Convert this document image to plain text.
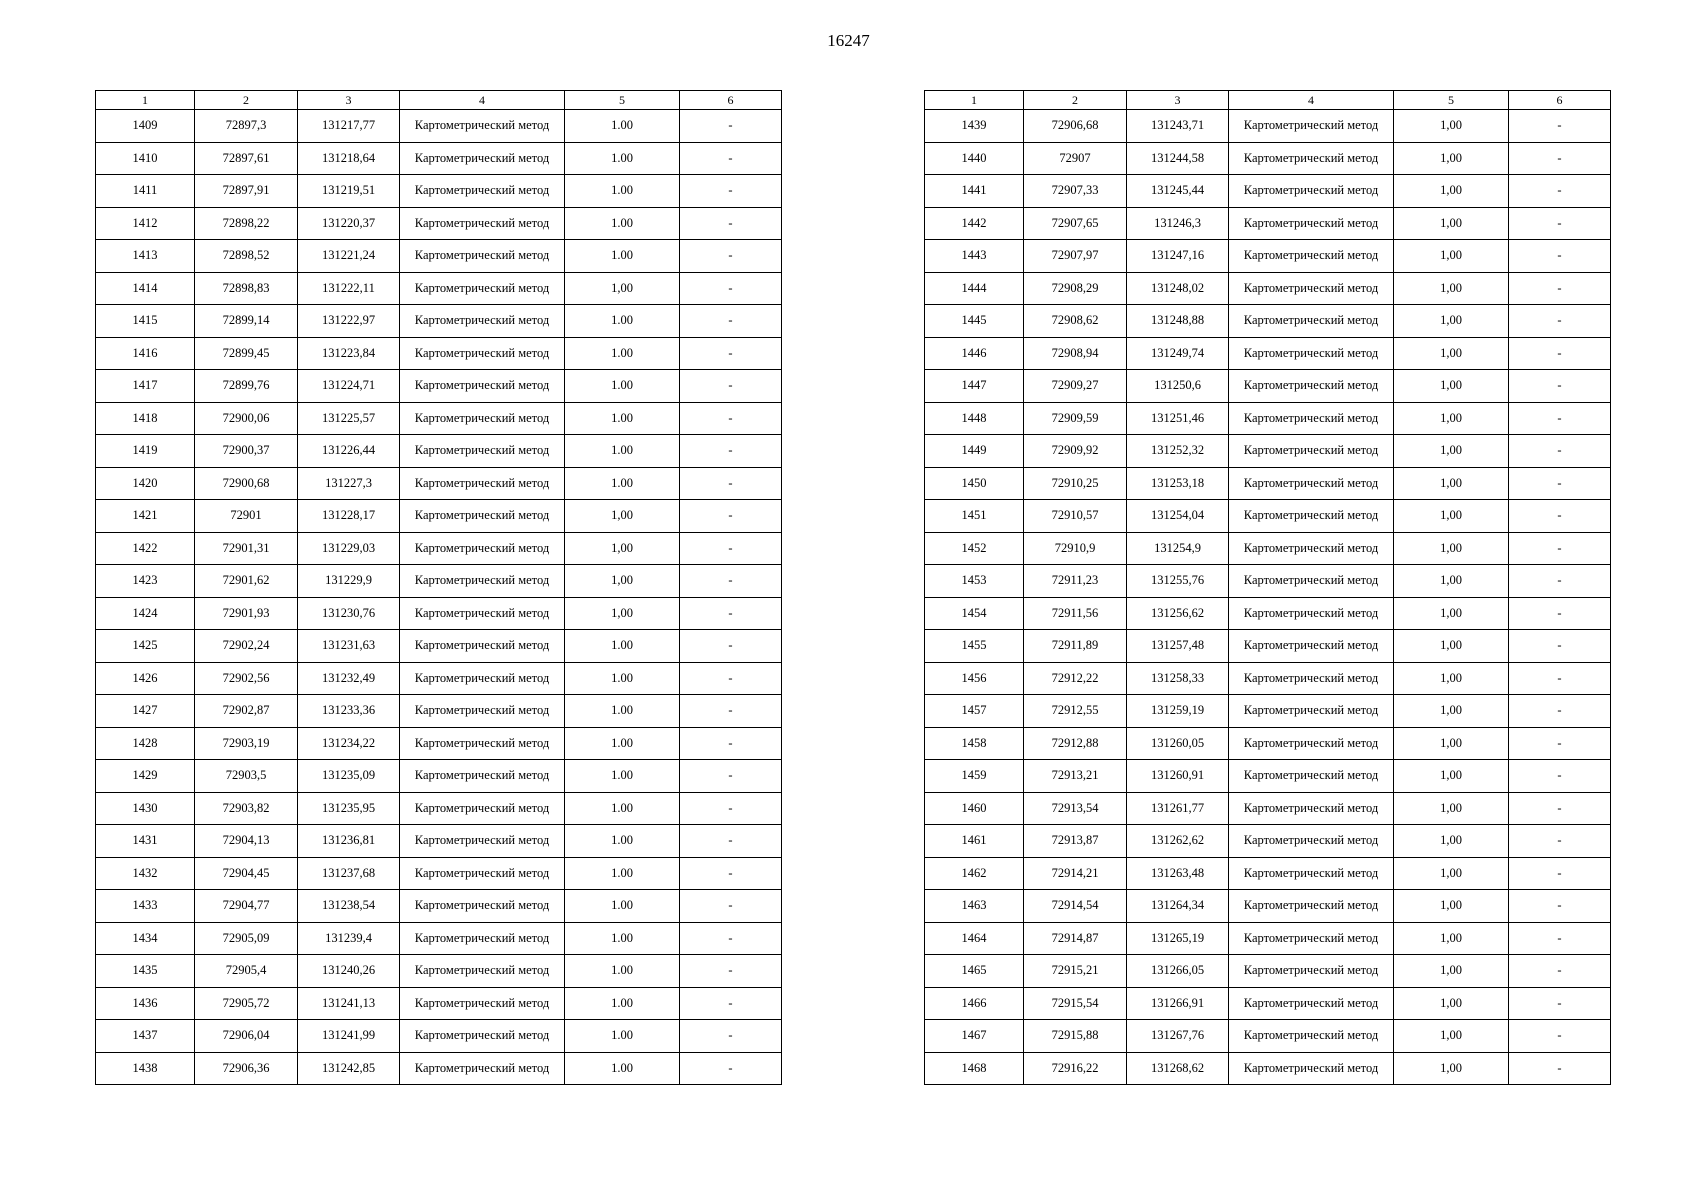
16247
1	2	3	4	5	6
1409	72897,3	131217,77	Картометрический метод	1.00	-
1410	72897,61	131218,64	Картометрический метод	1.00	-
1411	72897,91	131219,51	Картометрический метод	1.00	-
1412	72898,22	131220,37	Картометрический метод	1.00	-
1413	72898,52	131221,24	Картометрический метод	1.00	-
1414	72898,83	131222,11	Картометрический метод	1,00	-
1415	72899,14	131222,97	Картометрический метод	1.00	-
1416	72899,45	131223,84	Картометрический метод	1.00	-
1417	72899,76	131224,71	Картометрический метод	1.00	-
1418	72900,06	131225,57	Картометрический метод	1.00	-
1419	72900,37	131226,44	Картометрический метод	1.00	-
1420	72900,68	131227,3	Картометрический метод	1.00	-
1421	72901	131228,17	Картометрический метод	1,00	-
1422	72901,31	131229,03	Картометрический метод	1,00	-
1423	72901,62	131229,9	Картометрический метод	1,00	-
1424	72901,93	131230,76	Картометрический метод	1,00	-
1425	72902,24	131231,63	Картометрический метод	1.00	-
1426	72902,56	131232,49	Картометрический метод	1.00	-
1427	72902,87	131233,36	Картометрический метод	1.00	-
1428	72903,19	131234,22	Картометрический метод	1.00	-
1429	72903,5	131235,09	Картометрический метод	1.00	-
1430	72903,82	131235,95	Картометрический метод	1.00	-
1431	72904,13	131236,81	Картометрический метод	1.00	-
1432	72904,45	131237,68	Картометрический метод	1.00	-
1433	72904,77	131238,54	Картометрический метод	1.00	-
1434	72905,09	131239,4	Картометрический метод	1.00	-
1435	72905,4	131240,26	Картометрический метод	1.00	-
1436	72905,72	131241,13	Картометрический метод	1.00	-
1437	72906,04	131241,99	Картометрический метод	1.00	-
1438	72906,36	131242,85	Картометрический метод	1.00	-
1	2	3	4	5	6
1439	72906,68	131243,71	Картометрический метод	1,00	-
1440	72907	131244,58	Картометрический метод	1,00	-
1441	72907,33	131245,44	Картометрический метод	1,00	-
1442	72907,65	131246,3	Картометрический метод	1,00	-
1443	72907,97	131247,16	Картометрический метод	1,00	-
1444	72908,29	131248,02	Картометрический метод	1,00	-
1445	72908,62	131248,88	Картометрический метод	1,00	-
1446	72908,94	131249,74	Картометрический метод	1,00	-
1447	72909,27	131250,6	Картометрический метод	1,00	-
1448	72909,59	131251,46	Картометрический метод	1,00	-
1449	72909,92	131252,32	Картометрический метод	1,00	-
1450	72910,25	131253,18	Картометрический метод	1,00	-
1451	72910,57	131254,04	Картометрический метод	1,00	-
1452	72910,9	131254,9	Картометрический метод	1,00	-
1453	72911,23	131255,76	Картометрический метод	1,00	-
1454	72911,56	131256,62	Картометрический метод	1,00	-
1455	72911,89	131257,48	Картометрический метод	1,00	-
1456	72912,22	131258,33	Картометрический метод	1,00	-
1457	72912,55	131259,19	Картометрический метод	1,00	-
1458	72912,88	131260,05	Картометрический метод	1,00	-
1459	72913,21	131260,91	Картометрический метод	1,00	-
1460	72913,54	131261,77	Картометрический метод	1,00	-
1461	72913,87	131262,62	Картометрический метод	1,00	-
1462	72914,21	131263,48	Картометрический метод	1,00	-
1463	72914,54	131264,34	Картометрический метод	1,00	-
1464	72914,87	131265,19	Картометрический метод	1,00	-
1465	72915,21	131266,05	Картометрический метод	1,00	-
1466	72915,54	131266,91	Картометрический метод	1,00	-
1467	72915,88	131267,76	Картометрический метод	1,00	-
1468	72916,22	131268,62	Картометрический метод	1,00	-
